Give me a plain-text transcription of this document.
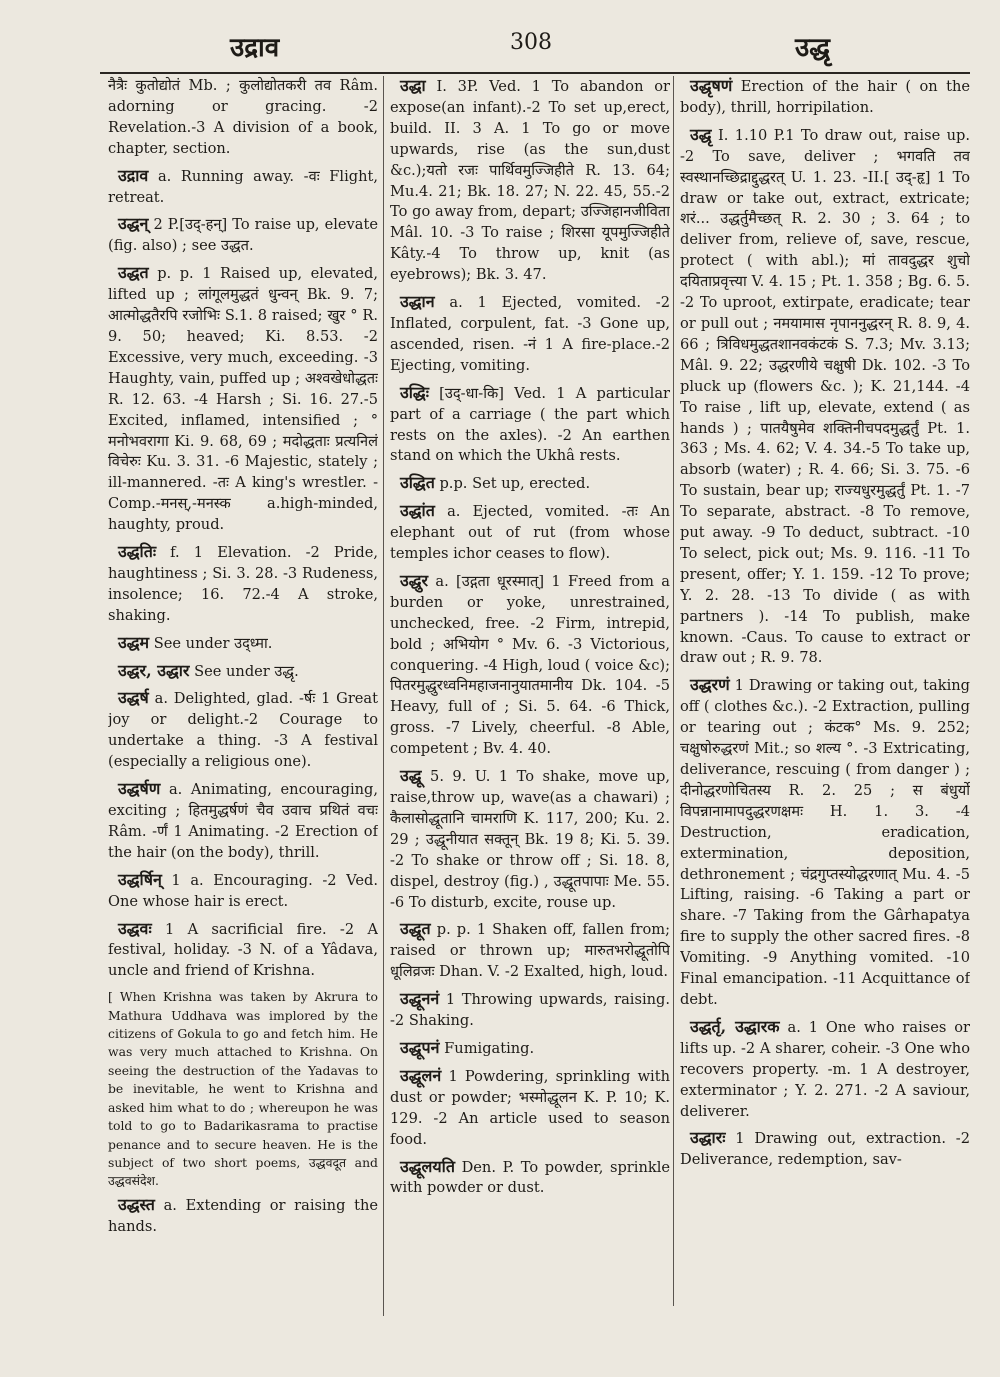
उद्राव	308	उद्धृ

नैत्रैः कुतोद्योतं Mb. ; कुलोद्योतकरी तव Râm. adorning or gracing. -2 Revelation.-3 A division of a book, chapter, section.

उद्राव a. Running away. -वः Flight, retreat.

उद्धन् 2 P.[उद्-हन्] To raise up, elevate (fig. also) ; see उद्धत.

उद्धत p. p. 1 Raised up, elevated, lifted up ; लांगूलमुद्धतं धुन्वन् Bk. 9. 7; आत्मोद्धतैरपि रजोभिः S.1. 8 raised; खुर ° R. 9. 50; heaved; Ki. 8.53. -2 Excessive, very much, exceeding. -3 Haughty, vain, puffed up ; अश्वखेधोद्धतः R. 12. 63. -4 Harsh ; Si. 16. 27.-5 Excited, inflamed, intensified ; ° मनोभवरागा Ki. 9. 68, 69 ; मदोद्धताः प्रत्यनिलं विचेरुः Ku. 3. 31. -6 Majestic, stately ; ill-mannered. -तः A king's wrestler. -Comp.-मनस्,-मनस्क a.high-minded, haughty, proud.

उद्धतिः f. 1 Elevation. -2 Pride, haughtiness ; Si. 3. 28. -3 Rudeness, insolence; 16. 72.-4 A stroke, shaking.

उद्धम See under उद्ध्मा.

उद्धर, उद्धार See under उद्धृ.

उद्धर्ष a. Delighted, glad. -र्षः 1 Great joy or delight.-2 Courage to undertake a thing. -3 A festival (especially a religious one).

उद्धर्षण a. Animating, encouraging, exciting ; हितमुद्धर्षणं चैव उवाच प्रथितं वचः Râm. -र्णं 1 Animating. -2 Erection of the hair (on the body), thrill.

उद्धर्षिन् 1 a. Encouraging. -2 Ved. One whose hair is erect.

उद्धवः 1 A sacrificial fire. -2 A festival, holiday. -3 N. of a Yâdava, uncle and friend of Krishna.

[ When Krishna was taken by Akrura to Mathura Uddhava was implored by the citizens of Gokula to go and fetch him. He was very much attached to Krishna. On seeing the destruction of the Yadavas to be inevitable, he went to Krishna and asked him what to do ; whereupon he was told to go to Badarikasrama to practise penance and to secure heaven. He is the subject of two short poems, उद्धवदूत and उद्धवसंदेश.

उद्धस्त a. Extending or raising the hands.

उद्धा I. 3P. Ved. 1 To abandon or expose(an infant).-2 To set up,erect, build. II. 3 A. 1 To go or move upwards, rise (as the sun,dust &c.);यतो रजः पार्थिवमुज्जिहीते R. 13. 64; Mu.4. 21; Bk. 18. 27; N. 22. 45, 55.-2 To go away from, depart; उज्जिहानजीविता Mâl. 10. -3 To raise ; शिरसा यूपमुज्जिहीते Kâty.-4 To throw up, knit (as eyebrows); Bk. 3. 47.

उद्धान a. 1 Ejected, vomited. -2 Inflated, corpulent, fat. -3 Gone up, ascended, risen. -नं 1 A fire-place.-2 Ejecting, vomiting.

उद्धिः [उद्-धा-कि] Ved. 1 A particular part of a carriage ( the part which rests on the axles). -2 An earthen stand on which the Ukhâ rests.

उद्धित p.p. Set up, erected.

उद्धांत a. Ejected, vomited. -तः An elephant out of rut (from whose temples ichor ceases to flow).

उद्धुर a. [उद्गता धूरस्मात्] 1 Freed from a burden or yoke, unrestrained, unchecked, free. -2 Firm, intrepid, bold ; अभियोग ° Mv. 6. -3 Victorious, conquering. -4 High, loud ( voice &c); पितरमुद्धुरध्वनिमहाजनानुयातमानीय Dk. 104. -5 Heavy, full of ; Si. 5. 64. -6 Thick, gross. -7 Lively, cheerful. -8 Able, competent ; Bv. 4. 40.

उद्धू 5. 9. U. 1 To shake, move up, raise,throw up, wave(as a chawari) ; कैलासोद्धूतानि चामराणि K. 117, 200; Ku. 2. 29 ; उद्धूनीयात सक्तून् Bk. 19 8; Ki. 5. 39. -2 To shake or throw off ; Si. 18. 8, dispel, destroy (fig.) , उद्धूतपापाः Me. 55. -6 To disturb, excite, rouse up.

उद्धूत p. p. 1 Shaken off, fallen from; raised or thrown up; मारुतभरोद्धूतोपि धूलिव्रजः Dhan. V. -2 Exalted, high, loud.

उद्धूननं 1 Throwing upwards, raising. -2 Shaking.

उद्धूपनं Fumigating.

उद्धूलनं 1 Powdering, sprinkling with dust or powder; भस्मोद्धूलन K. P. 10; K. 129. -2 An article used to season food.

उद्धूलयति Den. P. To powder, sprinkle with powder or dust.

उद्धृषणं Erection of the hair ( on the body), thrill, horripilation.

उद्धृ I. 1.10 P.1 To draw out, raise up. -2 To save, deliver ; भगवति तव स्वस्थानच्छिद्राद्दुद्धरत् U. 1. 23. -II.[ उद्-हृ] 1 To draw or take out, extract, extricate; शरं... उद्धर्तुमैच्छत् R. 2. 30 ; 3. 64 ; to deliver from, relieve of, save, rescue, protect ( with abl.); मां तावदुद्धर शुचो दयिताप्रवृत्त्या V. 4. 15 ; Pt. 1. 358 ; Bg. 6. 5. -2 To uproot, extirpate, eradicate; tear or pull out ; नमयामास नृपाननुद्धरन् R. 8. 9, 4. 66 ; त्रिविधमुद्धतशानवकंटकं S. 7.3; Mv. 3.13; Mâl. 9. 22; उद्धरणीये चक्षुषी Dk. 102. -3 To pluck up (flowers &c. ); K. 21,144. -4 To raise , lift up, elevate, extend ( as hands ) ; पातयैषुमेव शक्तिनीचपदमुद्धर्तुं Pt. 1. 363 ; Ms. 4. 62; V. 4. 34.-5 To take up, absorb (water) ; R. 4. 66; Si. 3. 75. -6 To sustain, bear up; राज्यधुरमुद्धर्तुं Pt. 1. -7 To separate, abstract. -8 To remove, put away. -9 To deduct, subtract. -10 To select, pick out; Ms. 9. 116. -11 To present, offer; Y. 1. 159. -12 To prove; Y. 2. 28. -13 To divide ( as with partners ). -14 To publish, make known. -Caus. To cause to extract or draw out ; R. 9. 78.

उद्धरणं 1 Drawing or taking out, taking off ( clothes &c.). -2 Extraction, pulling or tearing out ; कंटक° Ms. 9. 252; चक्षुषोरुद्धरणं Mit.; so शल्य °. -3 Extricating, deliverance, rescuing ( from danger ) ; दीनोद्धरणोचितस्य R. 2. 25 ; स बंधुर्यो विपन्नानामापदुद्धरणक्षमः H. 1. 3. -4 Destruction, eradication, extermination, deposition, dethronement ; चंद्रगुप्तस्योद्धरणात् Mu. 4. -5 Lifting, raising. -6 Taking a part or share. -7 Taking from the Gârhapatya fire to supply the other sacred fires. -8 Vomiting. -9 Anything vomited. -10 Final emancipation. -11 Acquittance of debt.

उद्धर्तृ, उद्धारक a. 1 One who raises or lifts up. -2 A sharer, coheir. -3 One who recovers property. -m. 1 A destroyer, exterminator ; Y. 2. 271. -2 A saviour, deliverer.

उद्धारः 1 Drawing out, extraction. -2 Deliverance, redemption, sav-
